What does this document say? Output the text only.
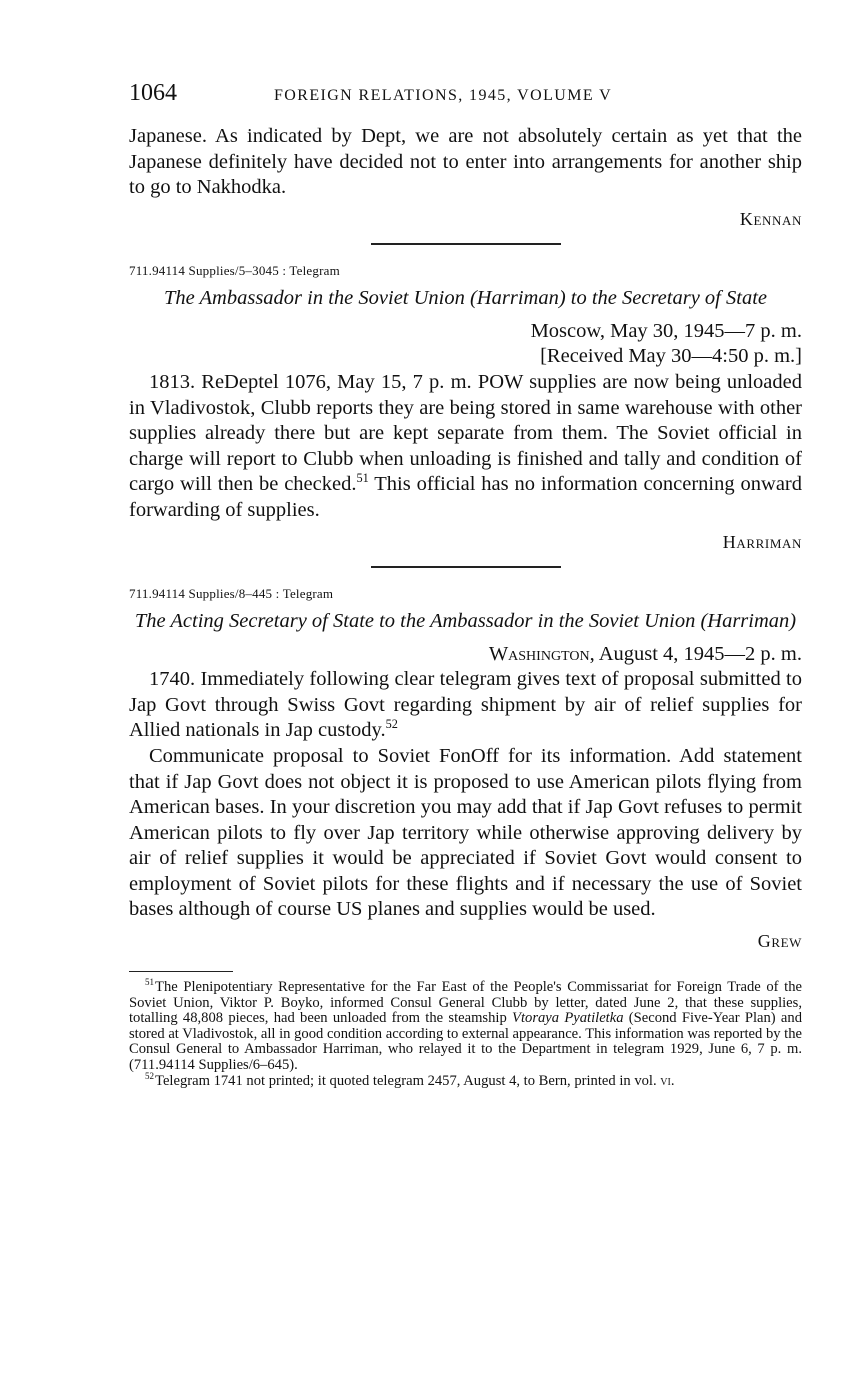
1064	FOREIGN RELATIONS, 1945, VOLUME V

Japanese. As indicated by Dept, we are not absolutely certain as yet that the Japanese definitely have decided not to enter into arrangements for another ship to go to Nakhodka.

Kennan
711.94114 Supplies/5–3045 : Telegram
The Ambassador in the Soviet Union (Harriman) to the Secretary of State
Moscow, May 30, 1945—7 p. m.
[Received May 30—4:50 p. m.]

1813. ReDeptel 1076, May 15, 7 p. m. POW supplies are now being unloaded in Vladivostok, Clubb reports they are being stored in same warehouse with other supplies already there but are kept separate from them. The Soviet official in charge will report to Clubb when unloading is finished and tally and condition of cargo will then be checked.$^{51}$ This official has no information concerning onward forwarding of supplies.

Harriman
711.94114 Supplies/8–445 : Telegram
The Acting Secretary of State to the Ambassador in the Soviet Union (Harriman)
Washington, August 4, 1945—2 p. m.

1740. Immediately following clear telegram gives text of proposal submitted to Jap Govt through Swiss Govt regarding shipment by air of relief supplies for Allied nationals in Jap custody.$^{52}$

Communicate proposal to Soviet FonOff for its information. Add statement that if Jap Govt does not object it is proposed to use American pilots flying from American bases. In your discretion you may add that if Jap Govt refuses to permit American pilots to fly over Jap territory while otherwise approving delivery by air of relief supplies it would be appreciated if Soviet Govt would consent to employment of Soviet pilots for these flights and if necessary the use of Soviet bases although of course US planes and supplies would be used.

Grew

$^{51}$The Plenipotentiary Representative for the Far East of the People's Commissariat for Foreign Trade of the Soviet Union, Viktor P. Boyko, informed Consul General Clubb by letter, dated June 2, that these supplies, totalling 48,808 pieces, had been unloaded from the steamship Vtoraya Pyatiletka (Second Five-Year Plan) and stored at Vladivostok, all in good condition according to external appearance. This information was reported by the Consul General to Ambassador Harriman, who relayed it to the Department in telegram 1929, June 6, 7 p. m. (711.94114 Supplies/6–645).

$^{52}$Telegram 1741 not printed; it quoted telegram 2457, August 4, to Bern, printed in vol. vi.
